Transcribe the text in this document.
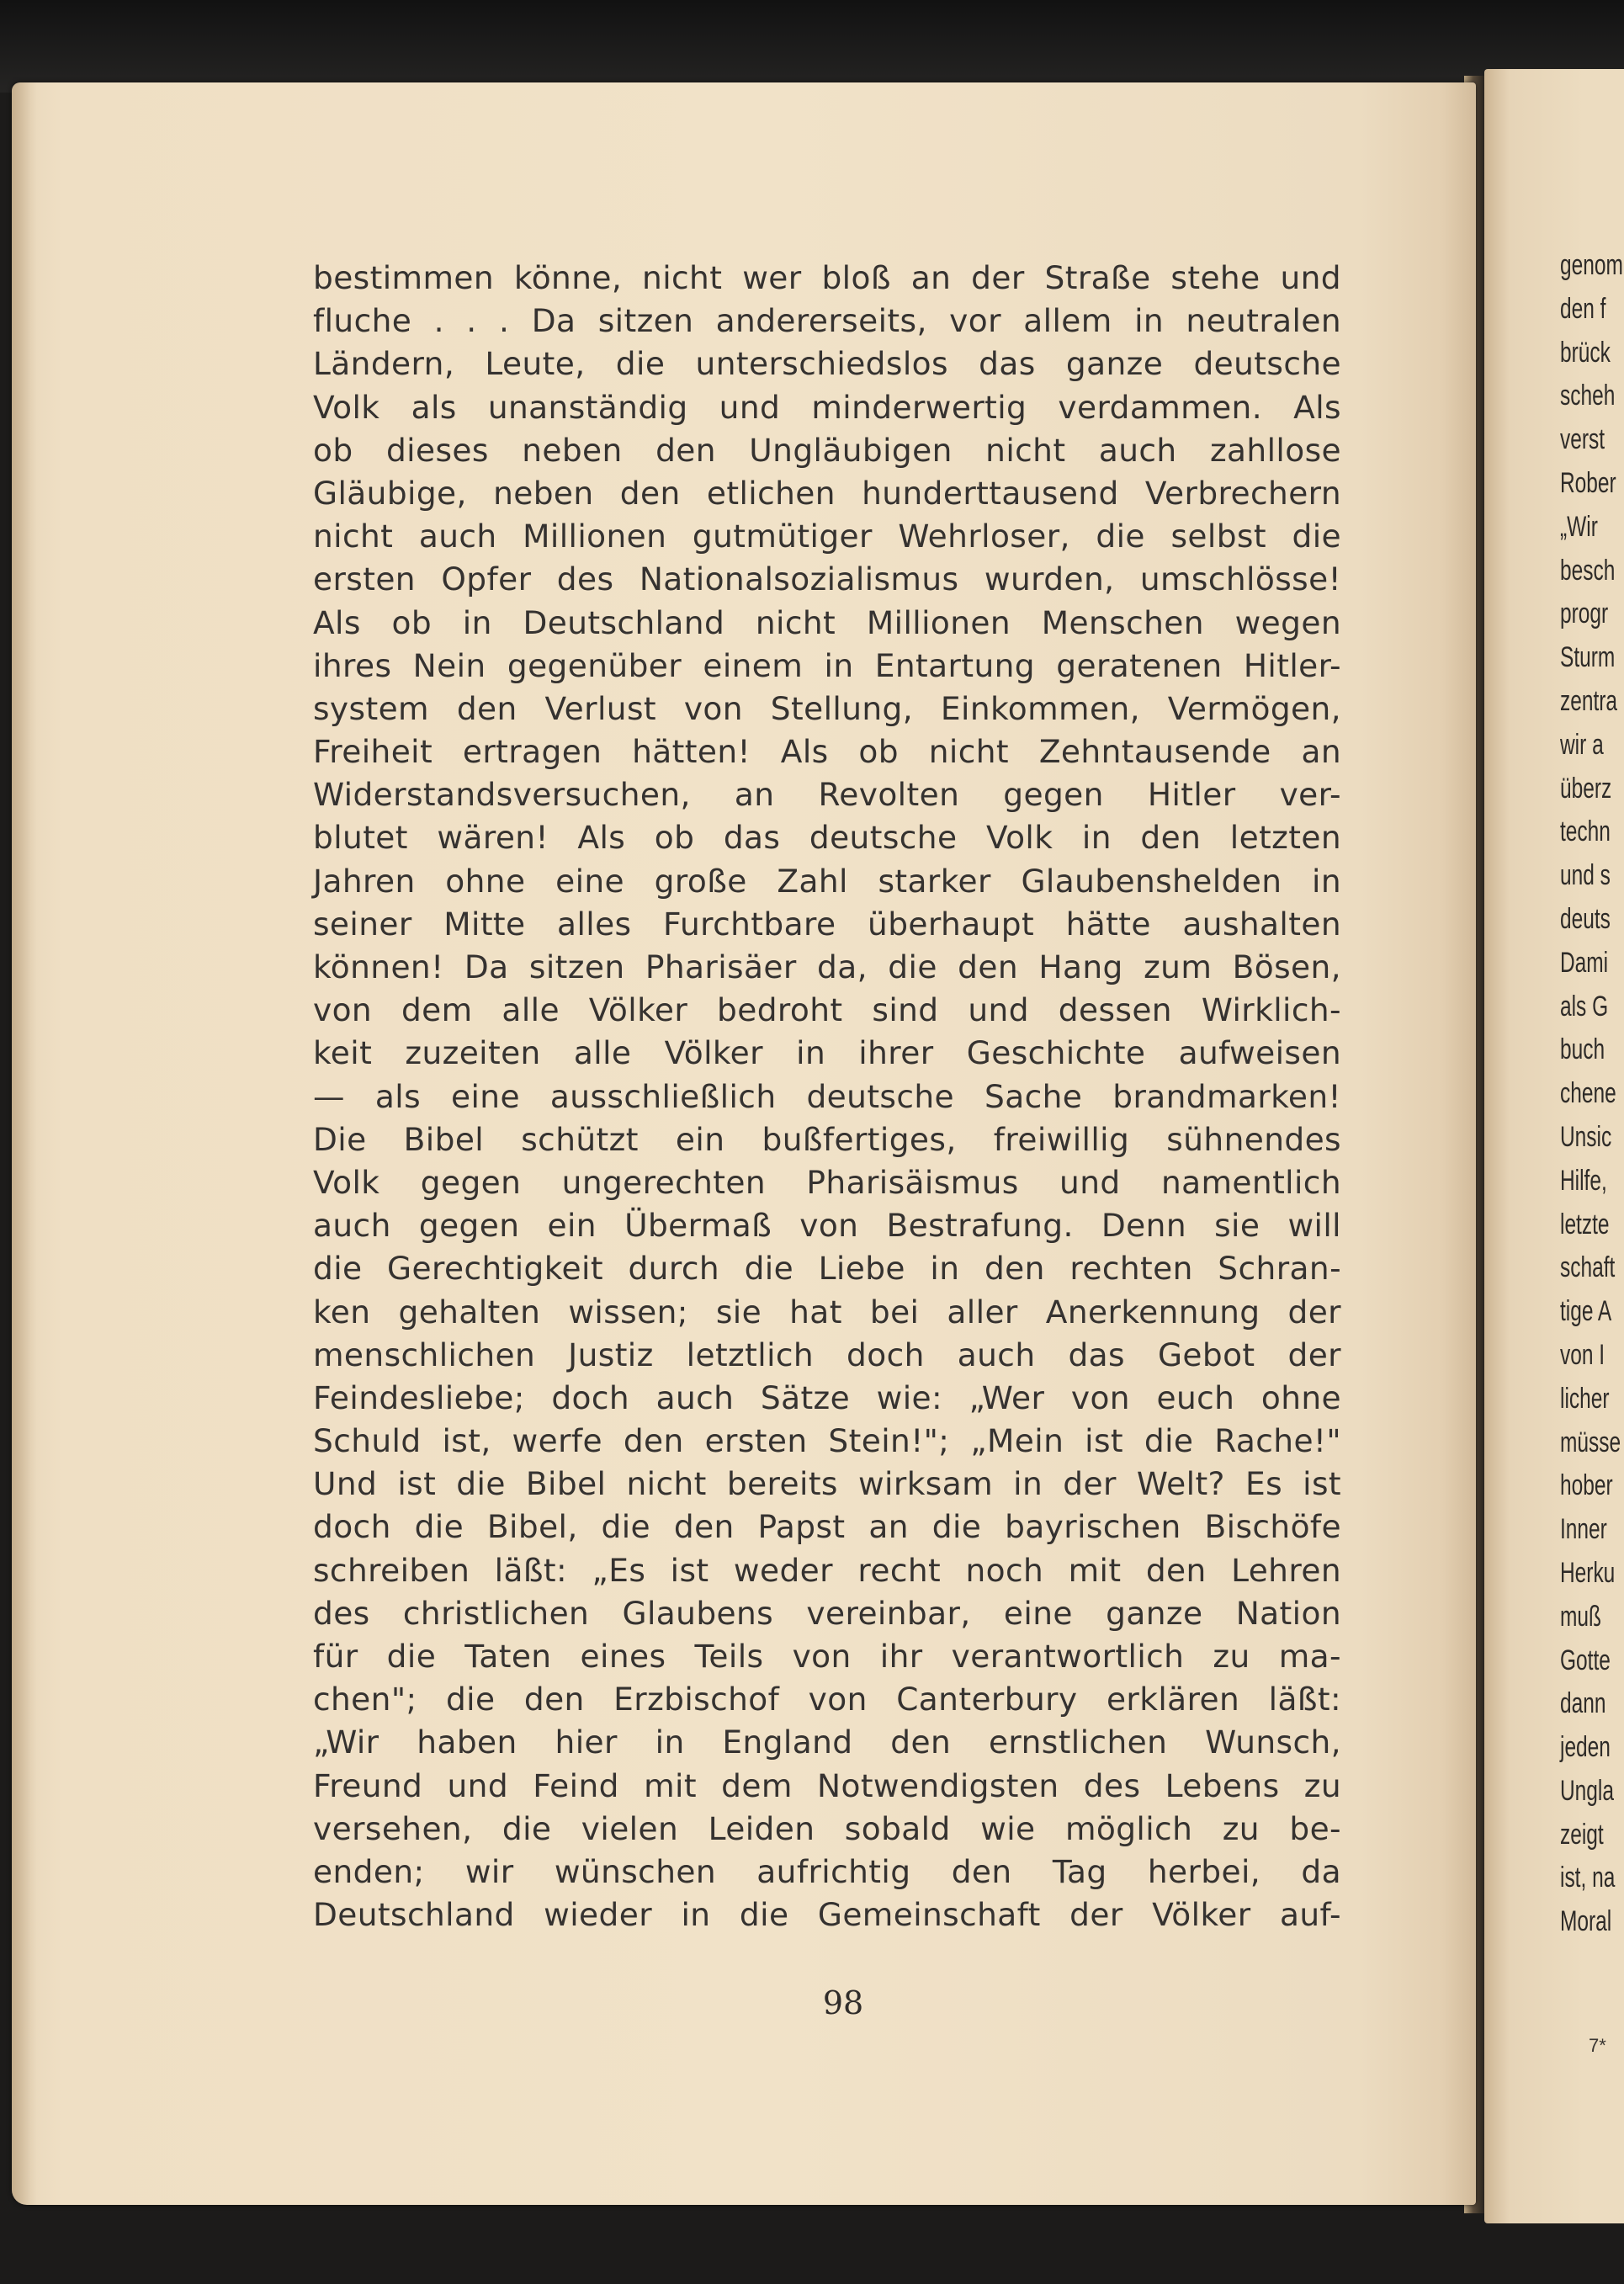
genom
den f
brück
scheh
verst
Rober
„Wir
besch
progr
Sturm
zentra
wir a
überz
techn
und s
deuts
Dami
als G
buch
chene
Unsic
Hilfe,
letzte
schaft
tige A
von I
licher
müsse
hober
Inner
Herku
muß
Gotte
dann
jeden
Ungla
zeigt
ist, na
Moral
7*
bestimmen könne, nicht wer bloß an der Straße stehe und
fluche . . . Da sitzen andererseits, vor allem in neutralen
Ländern, Leute, die unterschiedslos das ganze deutsche
Volk als unanständig und minderwertig verdammen. Als
ob dieses neben den Ungläubigen nicht auch zahllose
Gläubige, neben den etlichen hunderttausend Verbrechern
nicht auch Millionen gutmütiger Wehrloser, die selbst die
ersten Opfer des Nationalsozialismus wurden, umschlösse!
Als ob in Deutschland nicht Millionen Menschen wegen
ihres Nein gegenüber einem in Entartung geratenen Hitler-
system den Verlust von Stellung, Einkommen, Vermögen,
Freiheit ertragen hätten! Als ob nicht Zehntausende an
Widerstandsversuchen, an Revolten gegen Hitler ver-
blutet wären! Als ob das deutsche Volk in den letzten
Jahren ohne eine große Zahl starker Glaubenshelden in
seiner Mitte alles Furchtbare überhaupt hätte aushalten
können! Da sitzen Pharisäer da, die den Hang zum Bösen,
von dem alle Völker bedroht sind und dessen Wirklich-
keit zuzeiten alle Völker in ihrer Geschichte aufweisen
— als eine ausschließlich deutsche Sache brandmarken!
Die Bibel schützt ein bußfertiges, freiwillig sühnendes
Volk gegen ungerechten Pharisäismus und namentlich
auch gegen ein Übermaß von Bestrafung. Denn sie will
die Gerechtigkeit durch die Liebe in den rechten Schran-
ken gehalten wissen; sie hat bei aller Anerkennung der
menschlichen Justiz letztlich doch auch das Gebot der
Feindesliebe; doch auch Sätze wie: „Wer von euch ohne
Schuld ist, werfe den ersten Stein!"; „Mein ist die Rache!"
Und ist die Bibel nicht bereits wirksam in der Welt? Es ist
doch die Bibel, die den Papst an die bayrischen Bischöfe
schreiben läßt: „Es ist weder recht noch mit den Lehren
des christlichen Glaubens vereinbar, eine ganze Nation
für die Taten eines Teils von ihr verantwortlich zu ma-
chen"; die den Erzbischof von Canterbury erklären läßt:
„Wir haben hier in England den ernstlichen Wunsch,
Freund und Feind mit dem Notwendigsten des Lebens zu
versehen, die vielen Leiden sobald wie möglich zu be-
enden; wir wünschen aufrichtig den Tag herbei, da
Deutschland wieder in die Gemeinschaft der Völker auf-
98
